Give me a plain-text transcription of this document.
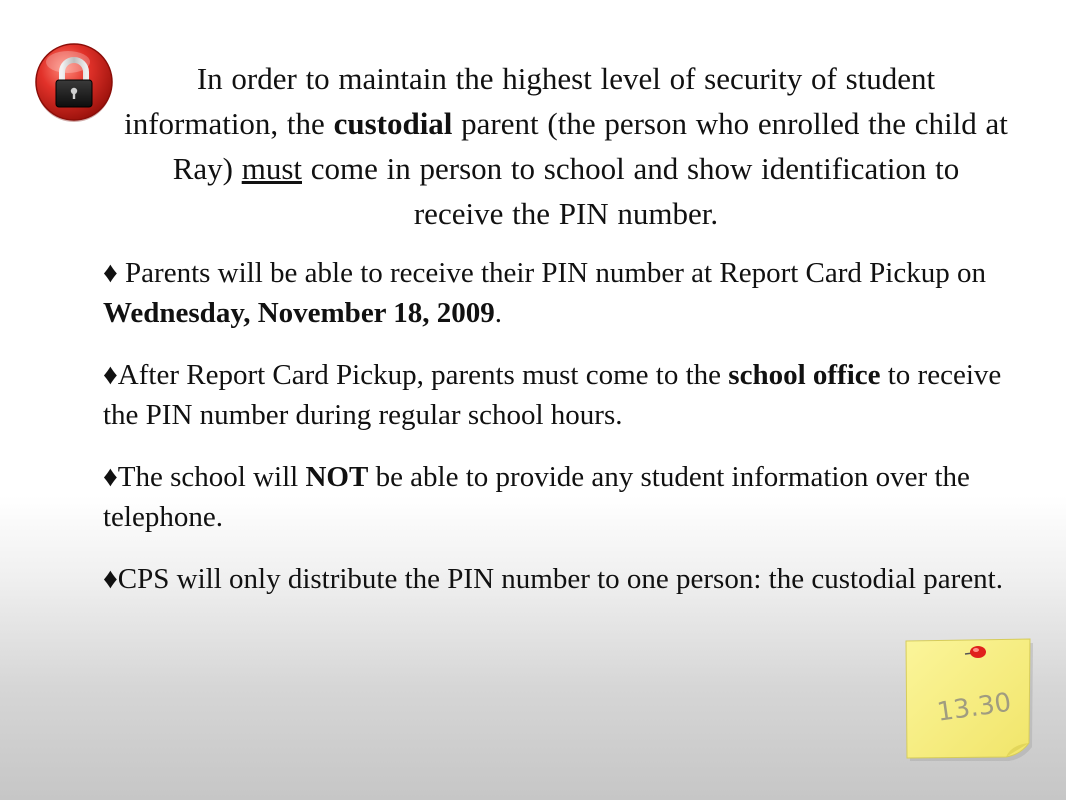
In order to maintain the highest level of security of student information, the custodial parent (the person who enrolled the child at Ray) must come in person to school and show identification to receive the PIN number.

♦ Parents will be able to receive their PIN number at Report Card Pickup on Wednesday, November 18, 2009.
♦After Report Card Pickup, parents must come to the school office to receive the PIN number during regular school hours.
♦The school will NOT be able to provide any student information over the telephone.
♦CPS will only distribute the PIN number to one person: the custodial parent.
13.30
